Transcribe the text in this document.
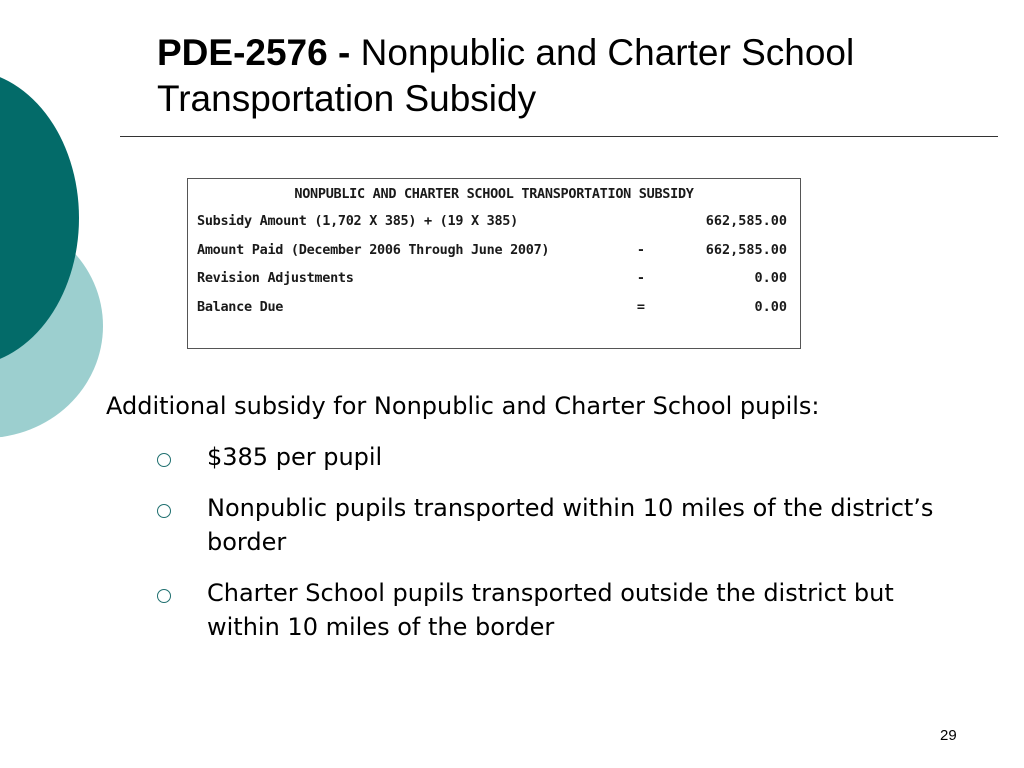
PDE-2576 - Nonpublic and Charter School Transportation Subsidy
NONPUBLIC AND CHARTER SCHOOL TRANSPORTATION SUBSIDY
Subsidy Amount (1,702 X 385) + (19 X 385)	662,585.00
Amount Paid (December 2006 Through June 2007)	-	662,585.00
Revision Adjustments	-	0.00
Balance Due	=	0.00

Additional subsidy for Nonpublic and Charter School pupils:

$385 per pupil
Nonpublic pupils transported within 10 miles of the district’s border
Charter School pupils transported outside the district but within 10 miles of the border
29
